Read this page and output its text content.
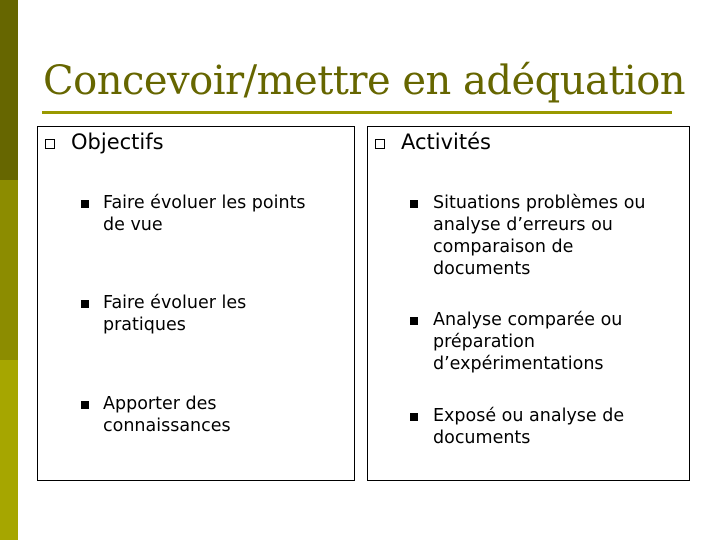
Concevoir/mettre en adéquation
Objectifs
Faire évoluer les points
de vue
Faire évoluer les
pratiques
Apporter des
connaissances
Activités
Situations problèmes ou
analyse d’erreurs ou
comparaison de
documents
Analyse comparée ou
préparation
d’expérimentations
Exposé ou analyse de
documents
